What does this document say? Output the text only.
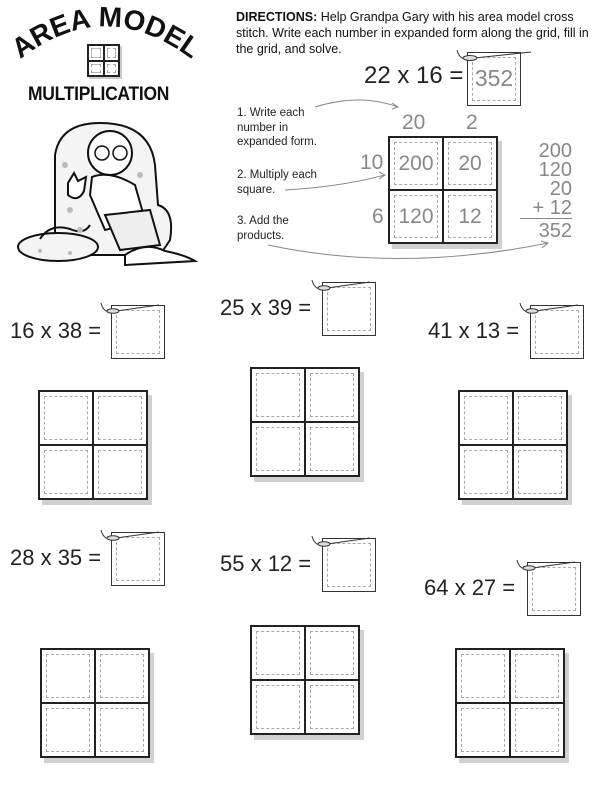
AREA MODEL
MULTIPLICATION
DIRECTIONS: Help Grandpa Gary with his area model cross stitch. Write each number in expanded form along the grid, fill in the grid, and solve.
22 x 16 = 352
1. Write each
number in
expanded form.
2. Multiply each
square.
3. Add the
products.
20 2
10
6
200	20
120	12
200
120
20
+ 12
352
16 x 38 =
25 x 39 =
41 x 13 =
28 x 35 =	55 x 12 =
64 x 27 =
